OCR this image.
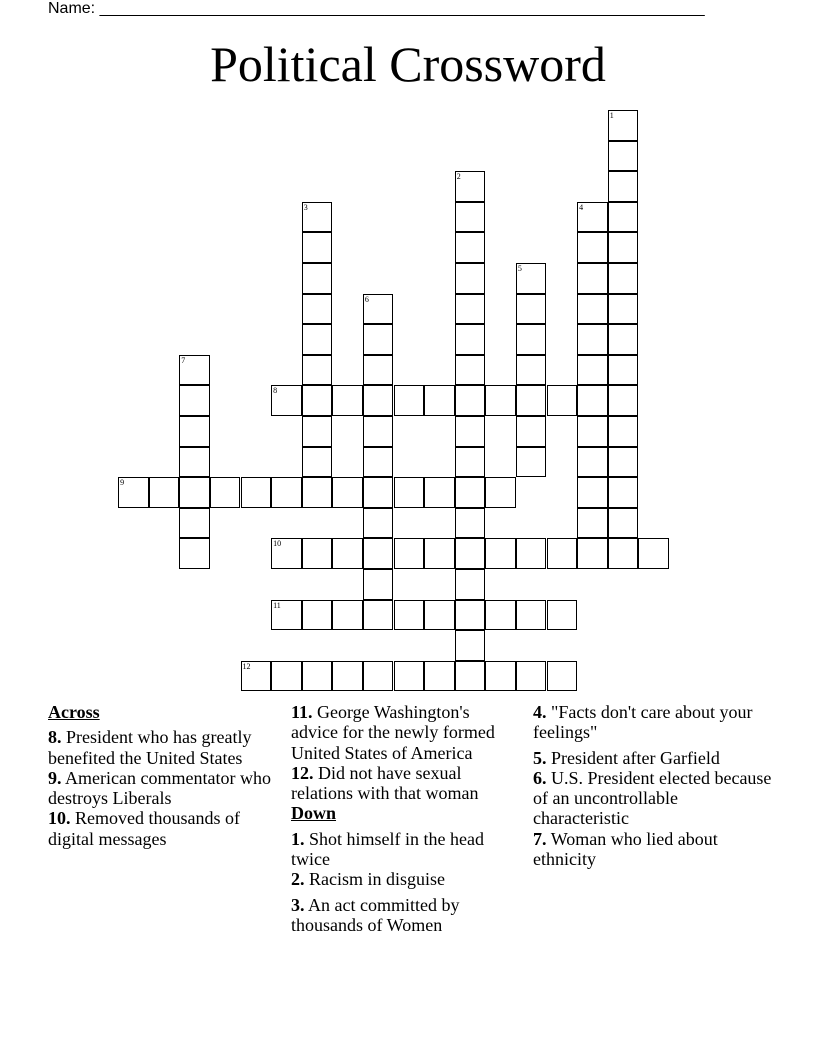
Name: ____________________________________________________________________
Political Crossword
1
2
3	4
5
6
7
8
9
10
11
12
Across
8. President who has greatly benefited the United States
9. American commentator who destroys Liberals
10. Removed thousands of digital messages
11. George Washington's advice for the newly formed United States of America
12. Did not have sexual relations with that woman
Down
1. Shot himself in the head twice
2. Racism in disguise
3. An act committed by thousands of Women
4. "Facts don't care about your feelings"
5. President after Garfield
6. U.S. President elected because of an uncontrollable characteristic
7. Woman who lied about ethnicity
